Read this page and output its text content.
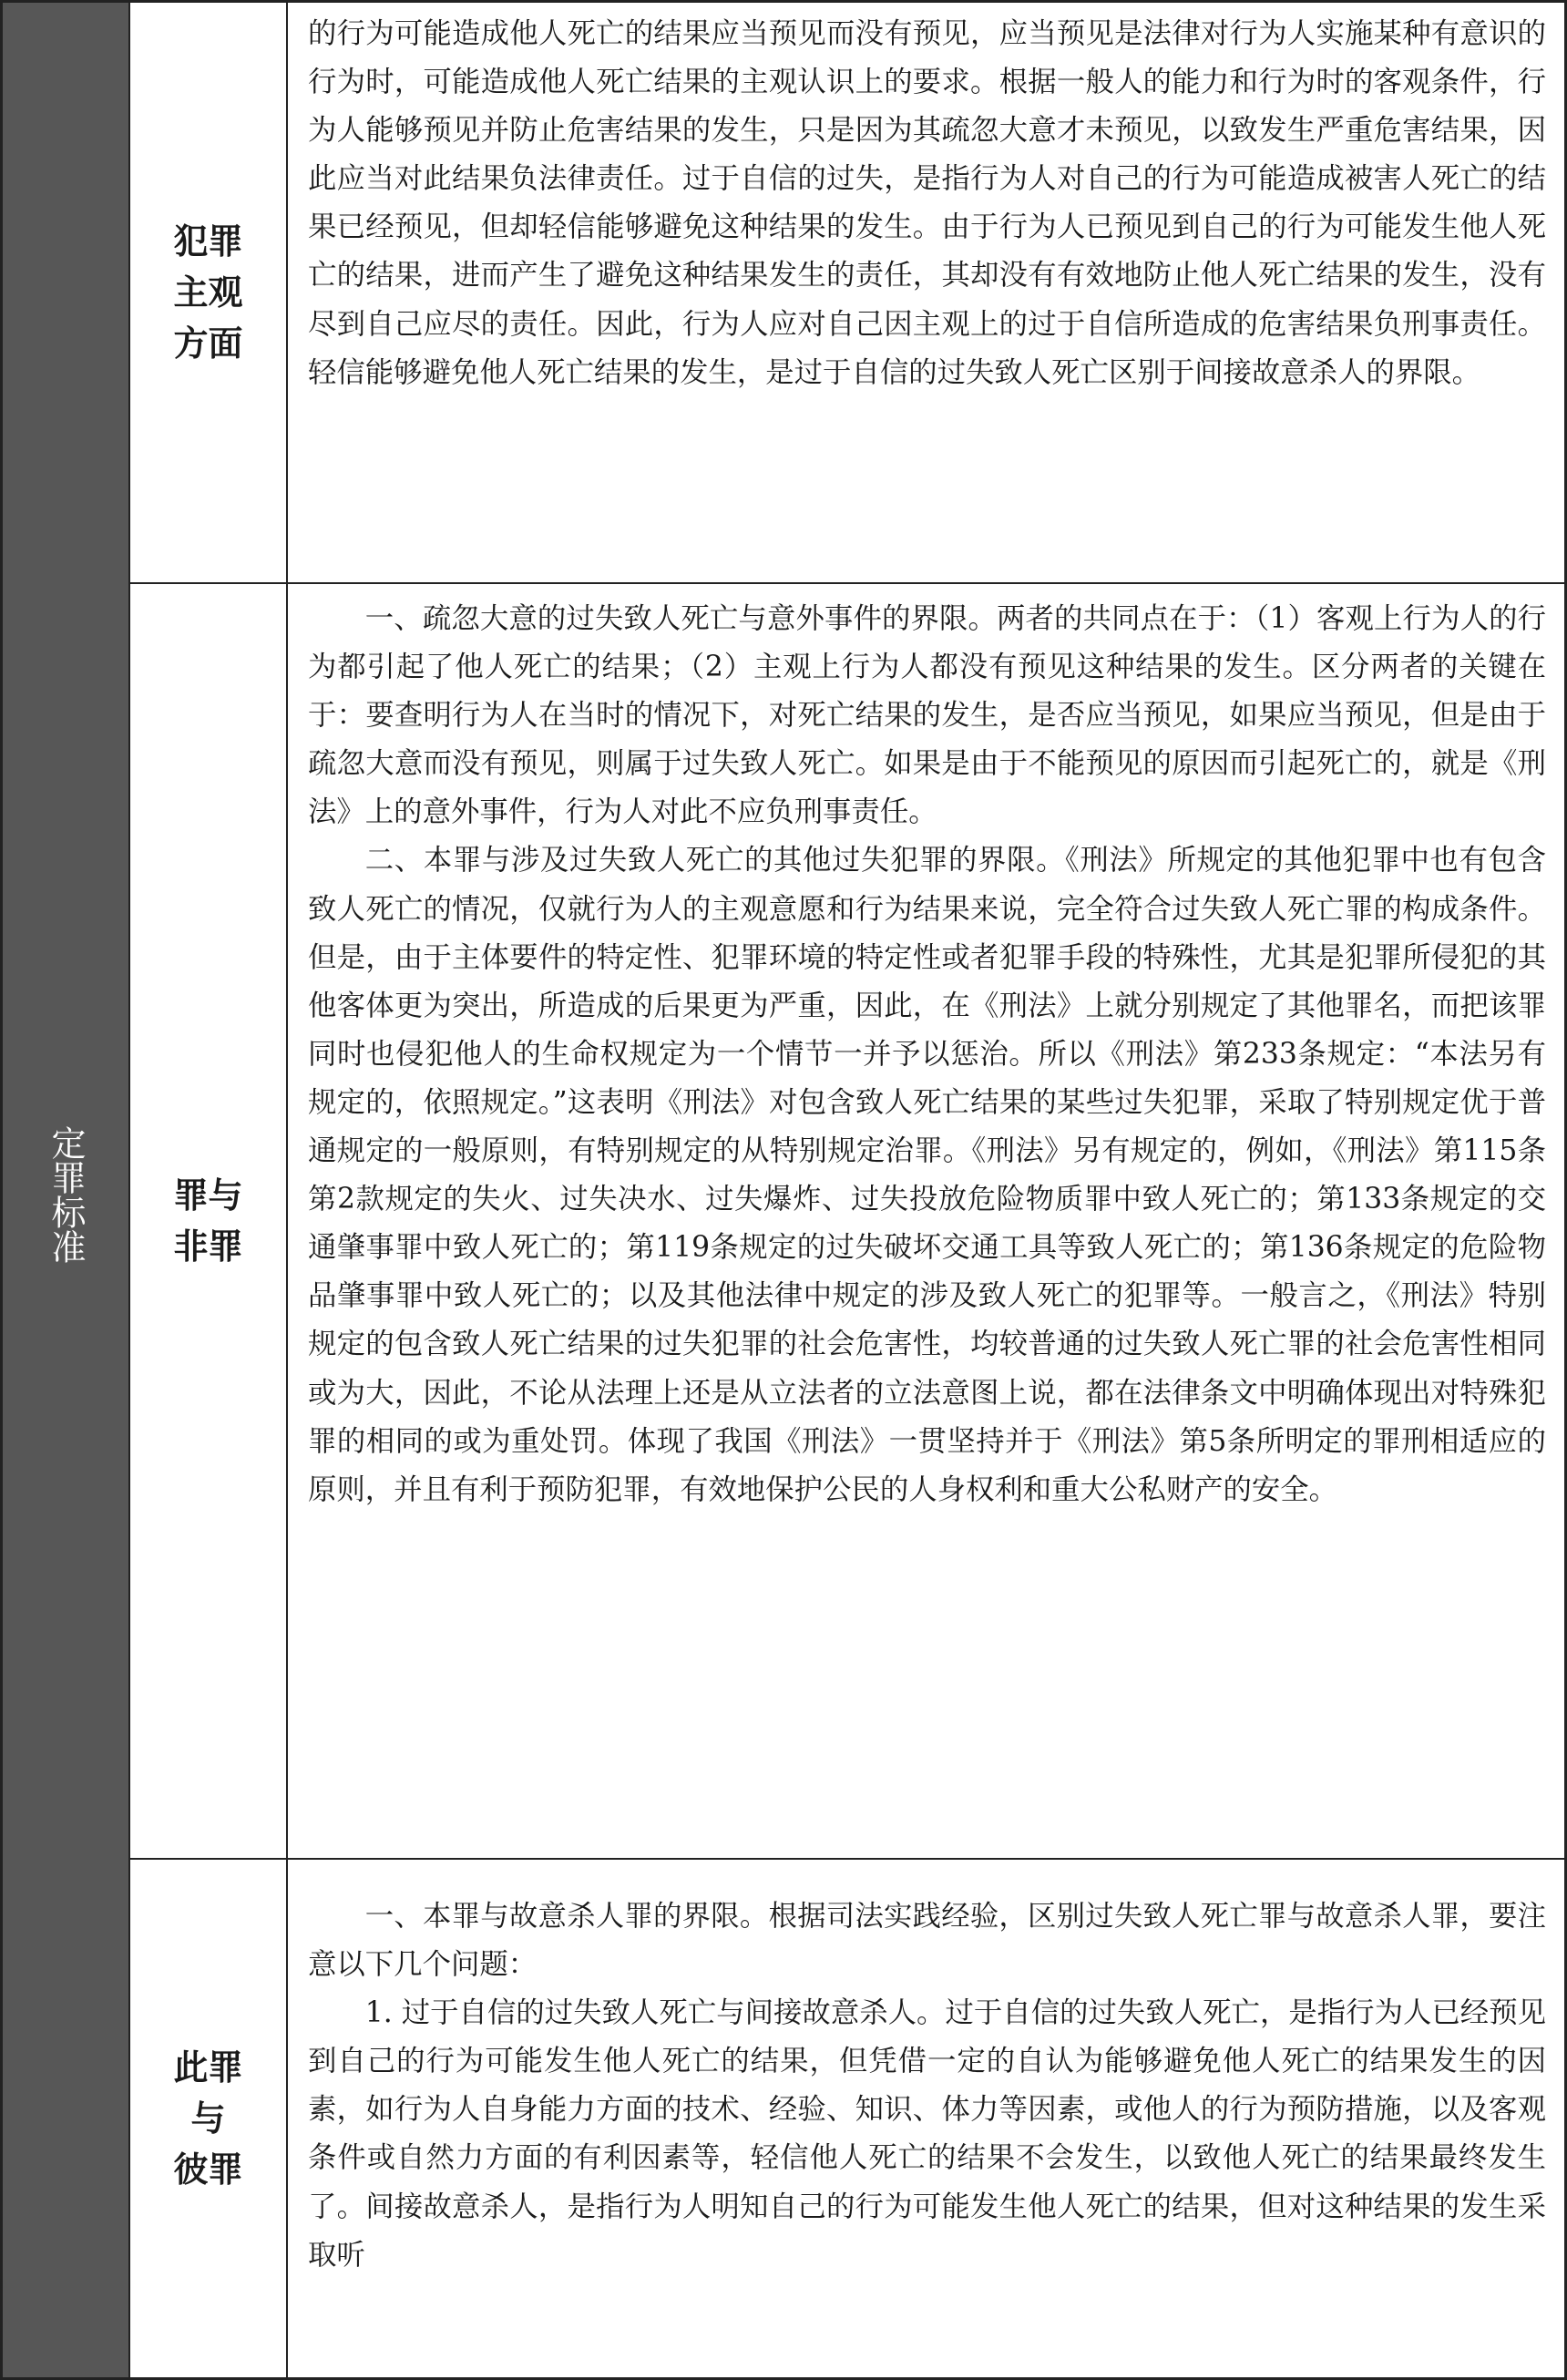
定罪标准
犯罪
主观
方面

的行为可能造成他人死亡的结果应当预见而没有预见，应当预见是法律对行为人实施某种有意识的行为时，可能造成他人死亡结果的主观认识上的要求。根据一般人的能力和行为时的客观条件，行为人能够预见并防止危害结果的发生，只是因为其疏忽大意才未预见，以致发生严重危害结果，因此应当对此结果负法律责任。过于自信的过失，是指行为人对自己的行为可能造成被害人死亡的结果已经预见，但却轻信能够避免这种结果的发生。由于行为人已预见到自己的行为可能发生他人死亡的结果，进而产生了避免这种结果发生的责任，其却没有有效地防止他人死亡结果的发生，没有尽到自己应尽的责任。因此，行为人应对自己因主观上的过于自信所造成的危害结果负刑事责任。轻信能够避免他人死亡结果的发生，是过于自信的过失致人死亡区别于间接故意杀人的界限。

罪与
非罪

一、疏忽大意的过失致人死亡与意外事件的界限。两者的共同点在于：（1）客观上行为人的行为都引起了他人死亡的结果；（2）主观上行为人都没有预见这种结果的发生。区分两者的关键在于：要查明行为人在当时的情况下，对死亡结果的发生，是否应当预见，如果应当预见，但是由于疏忽大意而没有预见，则属于过失致人死亡。如果是由于不能预见的原因而引起死亡的，就是《刑法》上的意外事件，行为人对此不应负刑事责任。

二、本罪与涉及过失致人死亡的其他过失犯罪的界限。《刑法》所规定的其他犯罪中也有包含致人死亡的情况，仅就行为人的主观意愿和行为结果来说，完全符合过失致人死亡罪的构成条件。但是，由于主体要件的特定性、犯罪环境的特定性或者犯罪手段的特殊性，尤其是犯罪所侵犯的其他客体更为突出，所造成的后果更为严重，因此，在《刑法》上就分别规定了其他罪名，而把该罪同时也侵犯他人的生命权规定为一个情节一并予以惩治。所以《刑法》第233条规定：“本法另有规定的，依照规定。”这表明《刑法》对包含致人死亡结果的某些过失犯罪，采取了特别规定优于普通规定的一般原则，有特别规定的从特别规定治罪。《刑法》另有规定的，例如，《刑法》第115条第2款规定的失火、过失决水、过失爆炸、过失投放危险物质罪中致人死亡的；第133条规定的交通肇事罪中致人死亡的；第119条规定的过失破坏交通工具等致人死亡的；第136条规定的危险物品肇事罪中致人死亡的；以及其他法律中规定的涉及致人死亡的犯罪等。一般言之，《刑法》特别规定的包含致人死亡结果的过失犯罪的社会危害性，均较普通的过失致人死亡罪的社会危害性相同或为大，因此，不论从法理上还是从立法者的立法意图上说，都在法律条文中明确体现出对特殊犯罪的相同的或为重处罚。体现了我国《刑法》一贯坚持并于《刑法》第5条所明定的罪刑相适应的原则，并且有利于预防犯罪，有效地保护公民的人身权利和重大公私财产的安全。

此罪
与
彼罪

一、本罪与故意杀人罪的界限。根据司法实践经验，区别过失致人死亡罪与故意杀人罪，要注意以下几个问题：

1. 过于自信的过失致人死亡与间接故意杀人。过于自信的过失致人死亡，是指行为人已经预见到自己的行为可能发生他人死亡的结果，但凭借一定的自认为能够避免他人死亡的结果发生的因素，如行为人自身能力方面的技术、经验、知识、体力等因素，或他人的行为预防措施，以及客观条件或自然力方面的有利因素等，轻信他人死亡的结果不会发生，以致他人死亡的结果最终发生了。间接故意杀人，是指行为人明知自己的行为可能发生他人死亡的结果，但对这种结果的发生采取听
